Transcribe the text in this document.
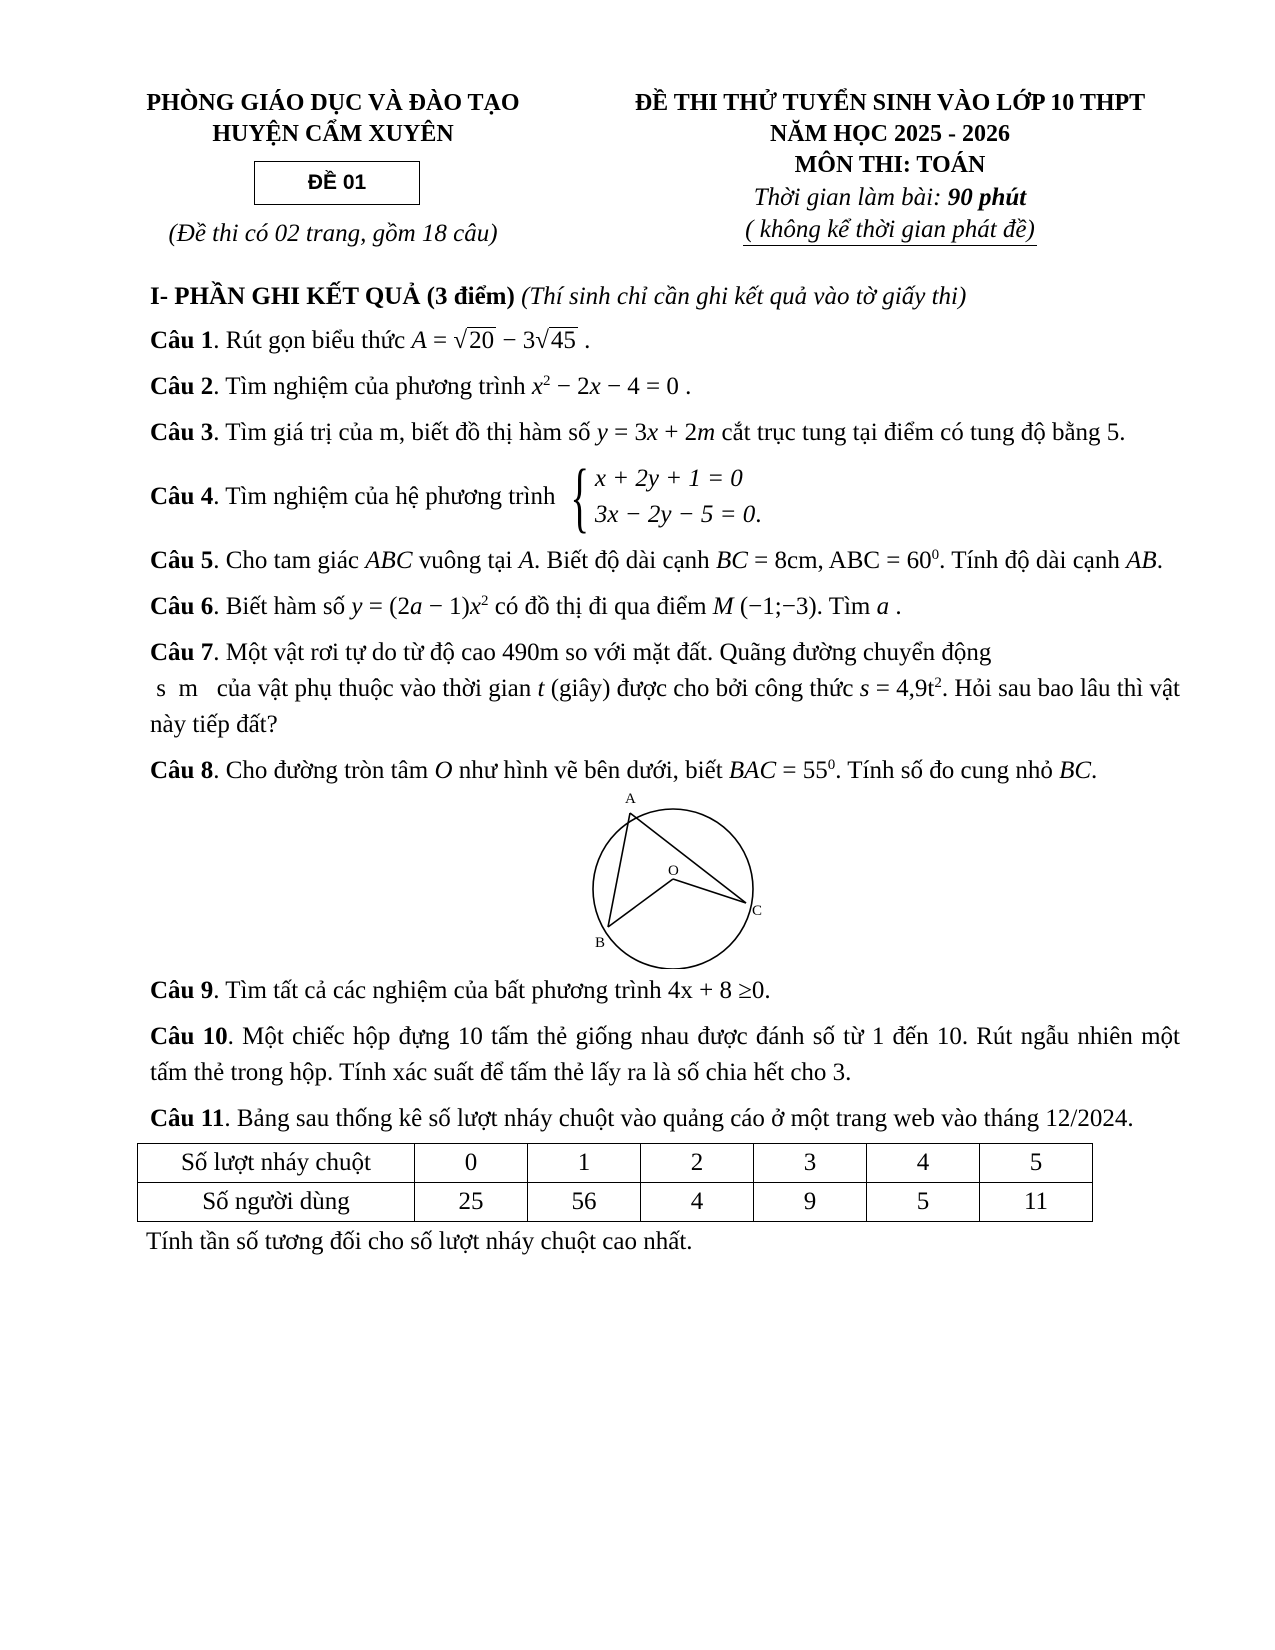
PHÒNG GIÁO DỤC VÀ ĐÀO TẠO
HUYỆN CẨM XUYÊN
ĐỀ 01
(Đề thi có 02 trang, gồm 18 câu)
ĐỀ THI THỬ TUYỂN SINH VÀO LỚP 10 THPT
NĂM HỌC 2025 - 2026
MÔN THI: TOÁN
Thời gian làm bài: 90 phút
( không kể thời gian phát đề)
I- PHẦN GHI KẾT QUẢ (3 điểm) (Thí sinh chỉ cần ghi kết quả vào tờ giấy thi)
Câu 1. Rút gọn biểu thức A = √20 − 3√45 .
Câu 2. Tìm nghiệm của phương trình $x^2 - 2x - 4 = 0$ .
Câu 3. Tìm giá trị của m, biết đồ thị hàm số y = 3x + 2m cắt trục tung tại điểm có tung độ bằng 5.
Câu 4. Tìm nghiệm của hệ phương trình { x + 2y + 1 = 0
3x − 2y − 5 = 0 .
Câu 5. Cho tam giác ABC vuông tại A. Biết độ dài cạnh BC = 8cm, ABC = $60^0$. Tính độ dài cạnh AB.
Câu 6. Biết hàm số $y = (2a - 1)x^2$ có đồ thị đi qua điểm M (−1;−3). Tìm a .
Câu 7. Một vật rơi tự do từ độ cao 490m so với mặt đất. Quãng đường chuyển động
s  m   của vật phụ thuộc vào thời gian t (giây) được cho bởi công thức $s = 4,9t^2$. Hỏi sau bao lâu thì vật này tiếp đất?
Câu 8. Cho đường tròn tâm O như hình vẽ bên dưới, biết BAC = $55^0$. Tính số đo cung nhỏ BC.
A
B
C
O
Câu 9. Tìm tất cả các nghiệm của bất phương trình 4x + 8 ≥0.
Câu 10. Một chiếc hộp đựng 10 tấm thẻ giống nhau được đánh số từ 1 đến 10. Rút ngẫu nhiên một tấm thẻ trong hộp. Tính xác suất để tấm thẻ lấy ra là số chia hết cho 3.
Câu 11. Bảng sau thống kê số lượt nháy chuột vào quảng cáo ở một trang web vào tháng 12/2024.
Số lượt nháy chuột	0	1	2	3	4	5
Số người dùng	25	56	4	9	5	11
Tính tần số tương đối cho số lượt nháy chuột cao nhất.
